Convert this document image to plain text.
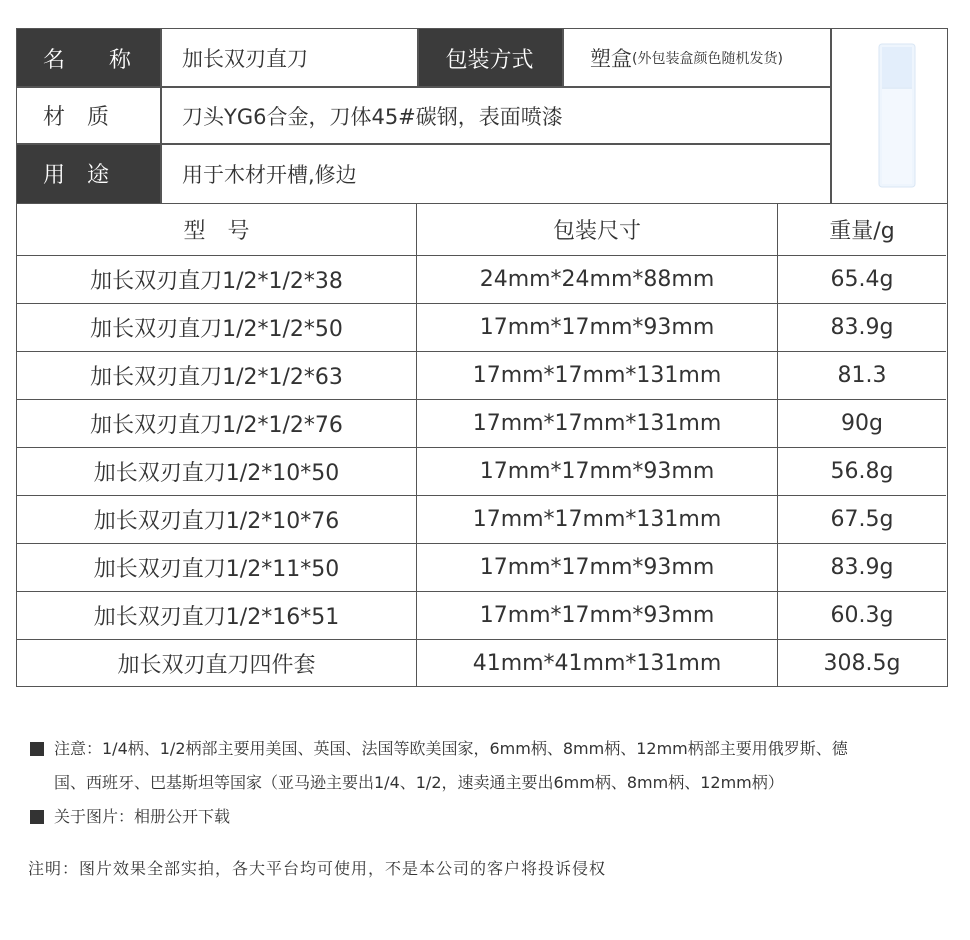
名　　称	加长双刃直刀	包装方式	塑盒 (外包装盒颜色随机发货)
材　质	刀头YG6合金，刀体45#碳钢，表面喷漆
用　途	用于木材开槽,修边
型　号	包装尺寸	重量/g
加长双刃直刀1/2*1/2*38	24mm*24mm*88mm	65.4g
加长双刃直刀1/2*1/2*50	17mm*17mm*93mm	83.9g
加长双刃直刀1/2*1/2*63	17mm*17mm*131mm	81.3
加长双刃直刀1/2*1/2*76	17mm*17mm*131mm	90g
加长双刃直刀1/2*10*50	17mm*17mm*93mm	56.8g
加长双刃直刀1/2*10*76	17mm*17mm*131mm	67.5g
加长双刃直刀1/2*11*50	17mm*17mm*93mm	83.9g
加长双刃直刀1/2*16*51	17mm*17mm*93mm	60.3g
加长双刃直刀四件套	41mm*41mm*131mm	308.5g
注意：1/4柄、1/2柄部主要用美国、英国、法国等欧美国家，6mm柄、8mm柄、12mm柄部主要用俄罗斯、德
国、西班牙、巴基斯坦等国家（亚马逊主要出1/4、1/2，速卖通主要出6mm柄、8mm柄、12mm柄）
关于图片：相册公开下载
注明：图片效果全部实拍，各大平台均可使用，不是本公司的客户将投诉侵权
